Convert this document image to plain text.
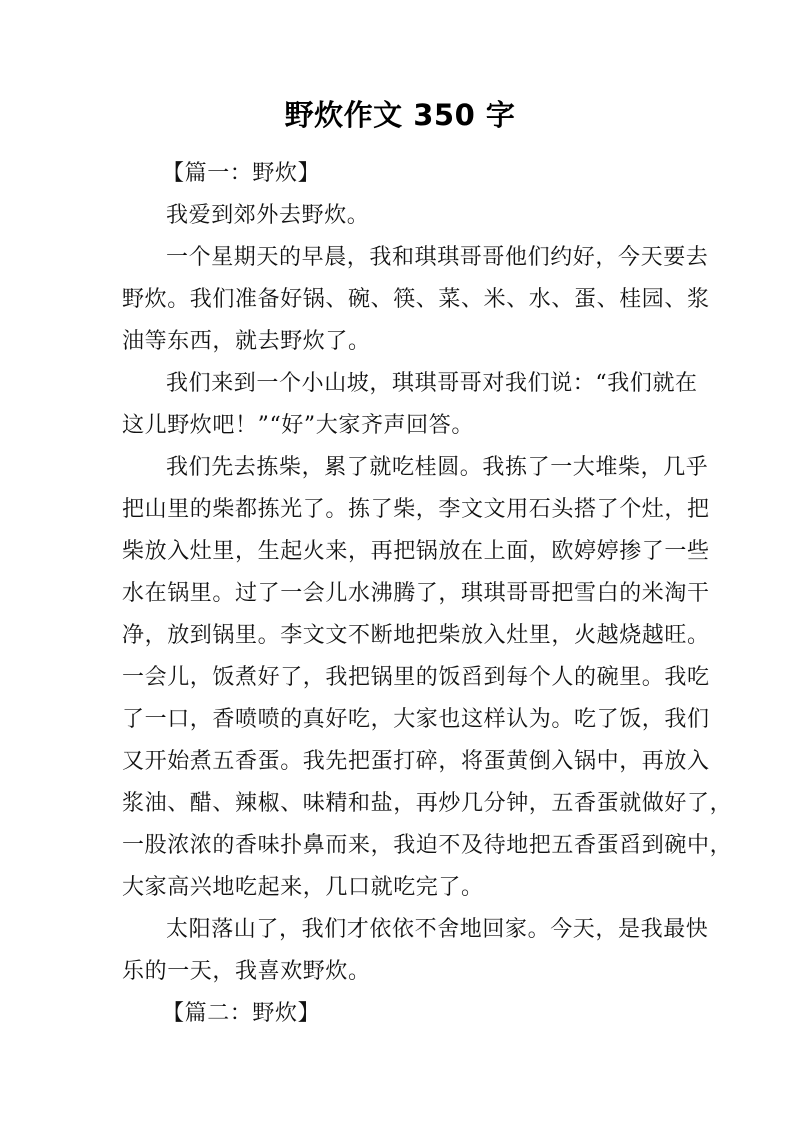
野炊作文 350 字

【篇一：野炊】

我爱到郊外去野炊。

一个星期天的早晨，我和琪琪哥哥他们约好，今天要去
野炊。我们准备好锅、碗、筷、菜、米、水、蛋、桂园、浆
油等东西，就去野炊了。

我们来到一个小山坡，琪琪哥哥对我们说：“我们就在
这儿野炊吧！”“好”大家齐声回答。

我们先去拣柴，累了就吃桂圆。我拣了一大堆柴，几乎
把山里的柴都拣光了。拣了柴，李文文用石头搭了个灶，把
柴放入灶里，生起火来，再把锅放在上面，欧婷婷掺了一些
水在锅里。过了一会儿水沸腾了，琪琪哥哥把雪白的米淘干
净，放到锅里。李文文不断地把柴放入灶里，火越烧越旺。
一会儿，饭煮好了，我把锅里的饭舀到每个人的碗里。我吃
了一口，香喷喷的真好吃，大家也这样认为。吃了饭，我们
又开始煮五香蛋。我先把蛋打碎，将蛋黄倒入锅中，再放入
浆油、醋、辣椒、味精和盐，再炒几分钟，五香蛋就做好了，
一股浓浓的香味扑鼻而来，我迫不及待地把五香蛋舀到碗中，
大家高兴地吃起来，几口就吃完了。

太阳落山了，我们才依依不舍地回家。今天，是我最快
乐的一天，我喜欢野炊。

【篇二：野炊】
